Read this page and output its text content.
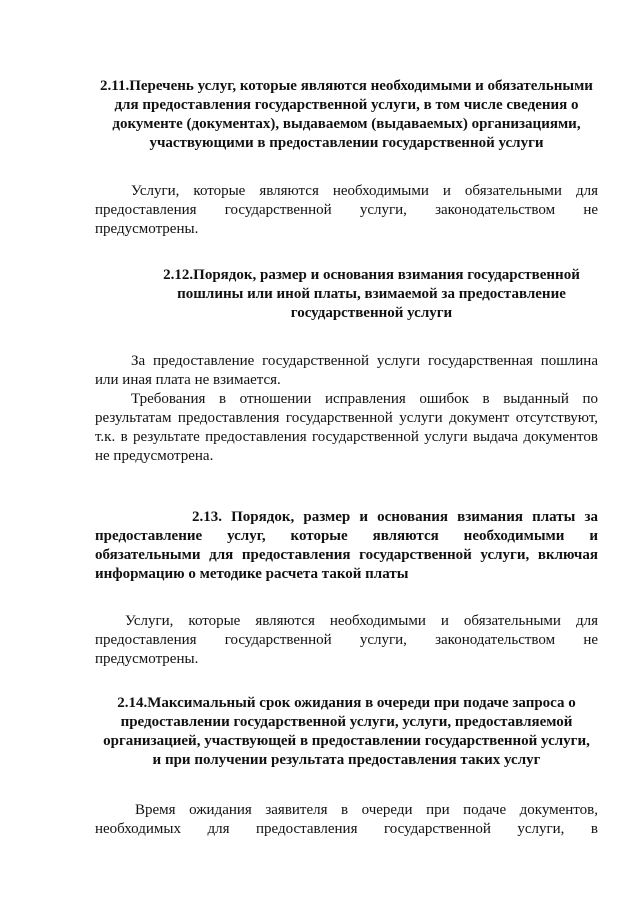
2.11.Перечень услуг, которые являются необходимыми и обязательными для предоставления государственной услуги, в том числе сведения о документе (документах), выдаваемом (выдаваемых) организациями, участвующими в предоставлении государственной услуги
Услуги, которые являются необходимыми и обязательными для предоставления государственной услуги, законодательством не предусмотрены.
2.12.Порядок, размер и основания взимания государственной пошлины или иной платы, взимаемой за предоставление государственной услуги
За предоставление государственной услуги государственная пошлина или иная плата не взимается.
Требования в отношении исправления ошибок в выданный по результатам предоставления государственной услуги документ отсутствуют, т.к. в результате предоставления государственной услуги выдача документов не предусмотрена.
2.13. Порядок, размер и основания взимания платы за предоставление услуг, которые являются необходимыми и обязательными для предоставления государственной услуги, включая информацию о методике расчета такой платы
Услуги, которые являются необходимыми и обязательными для предоставления государственной услуги, законодательством не предусмотрены.
2.14.Максимальный срок ожидания в очереди при подаче запроса о предоставлении государственной услуги, услуги, предоставляемой организацией, участвующей в предоставлении государственной услуги, и при получении результата предоставления таких услуг
Время ожидания заявителя в очереди при подаче документов, необходимых для предоставления государственной услуги, в
